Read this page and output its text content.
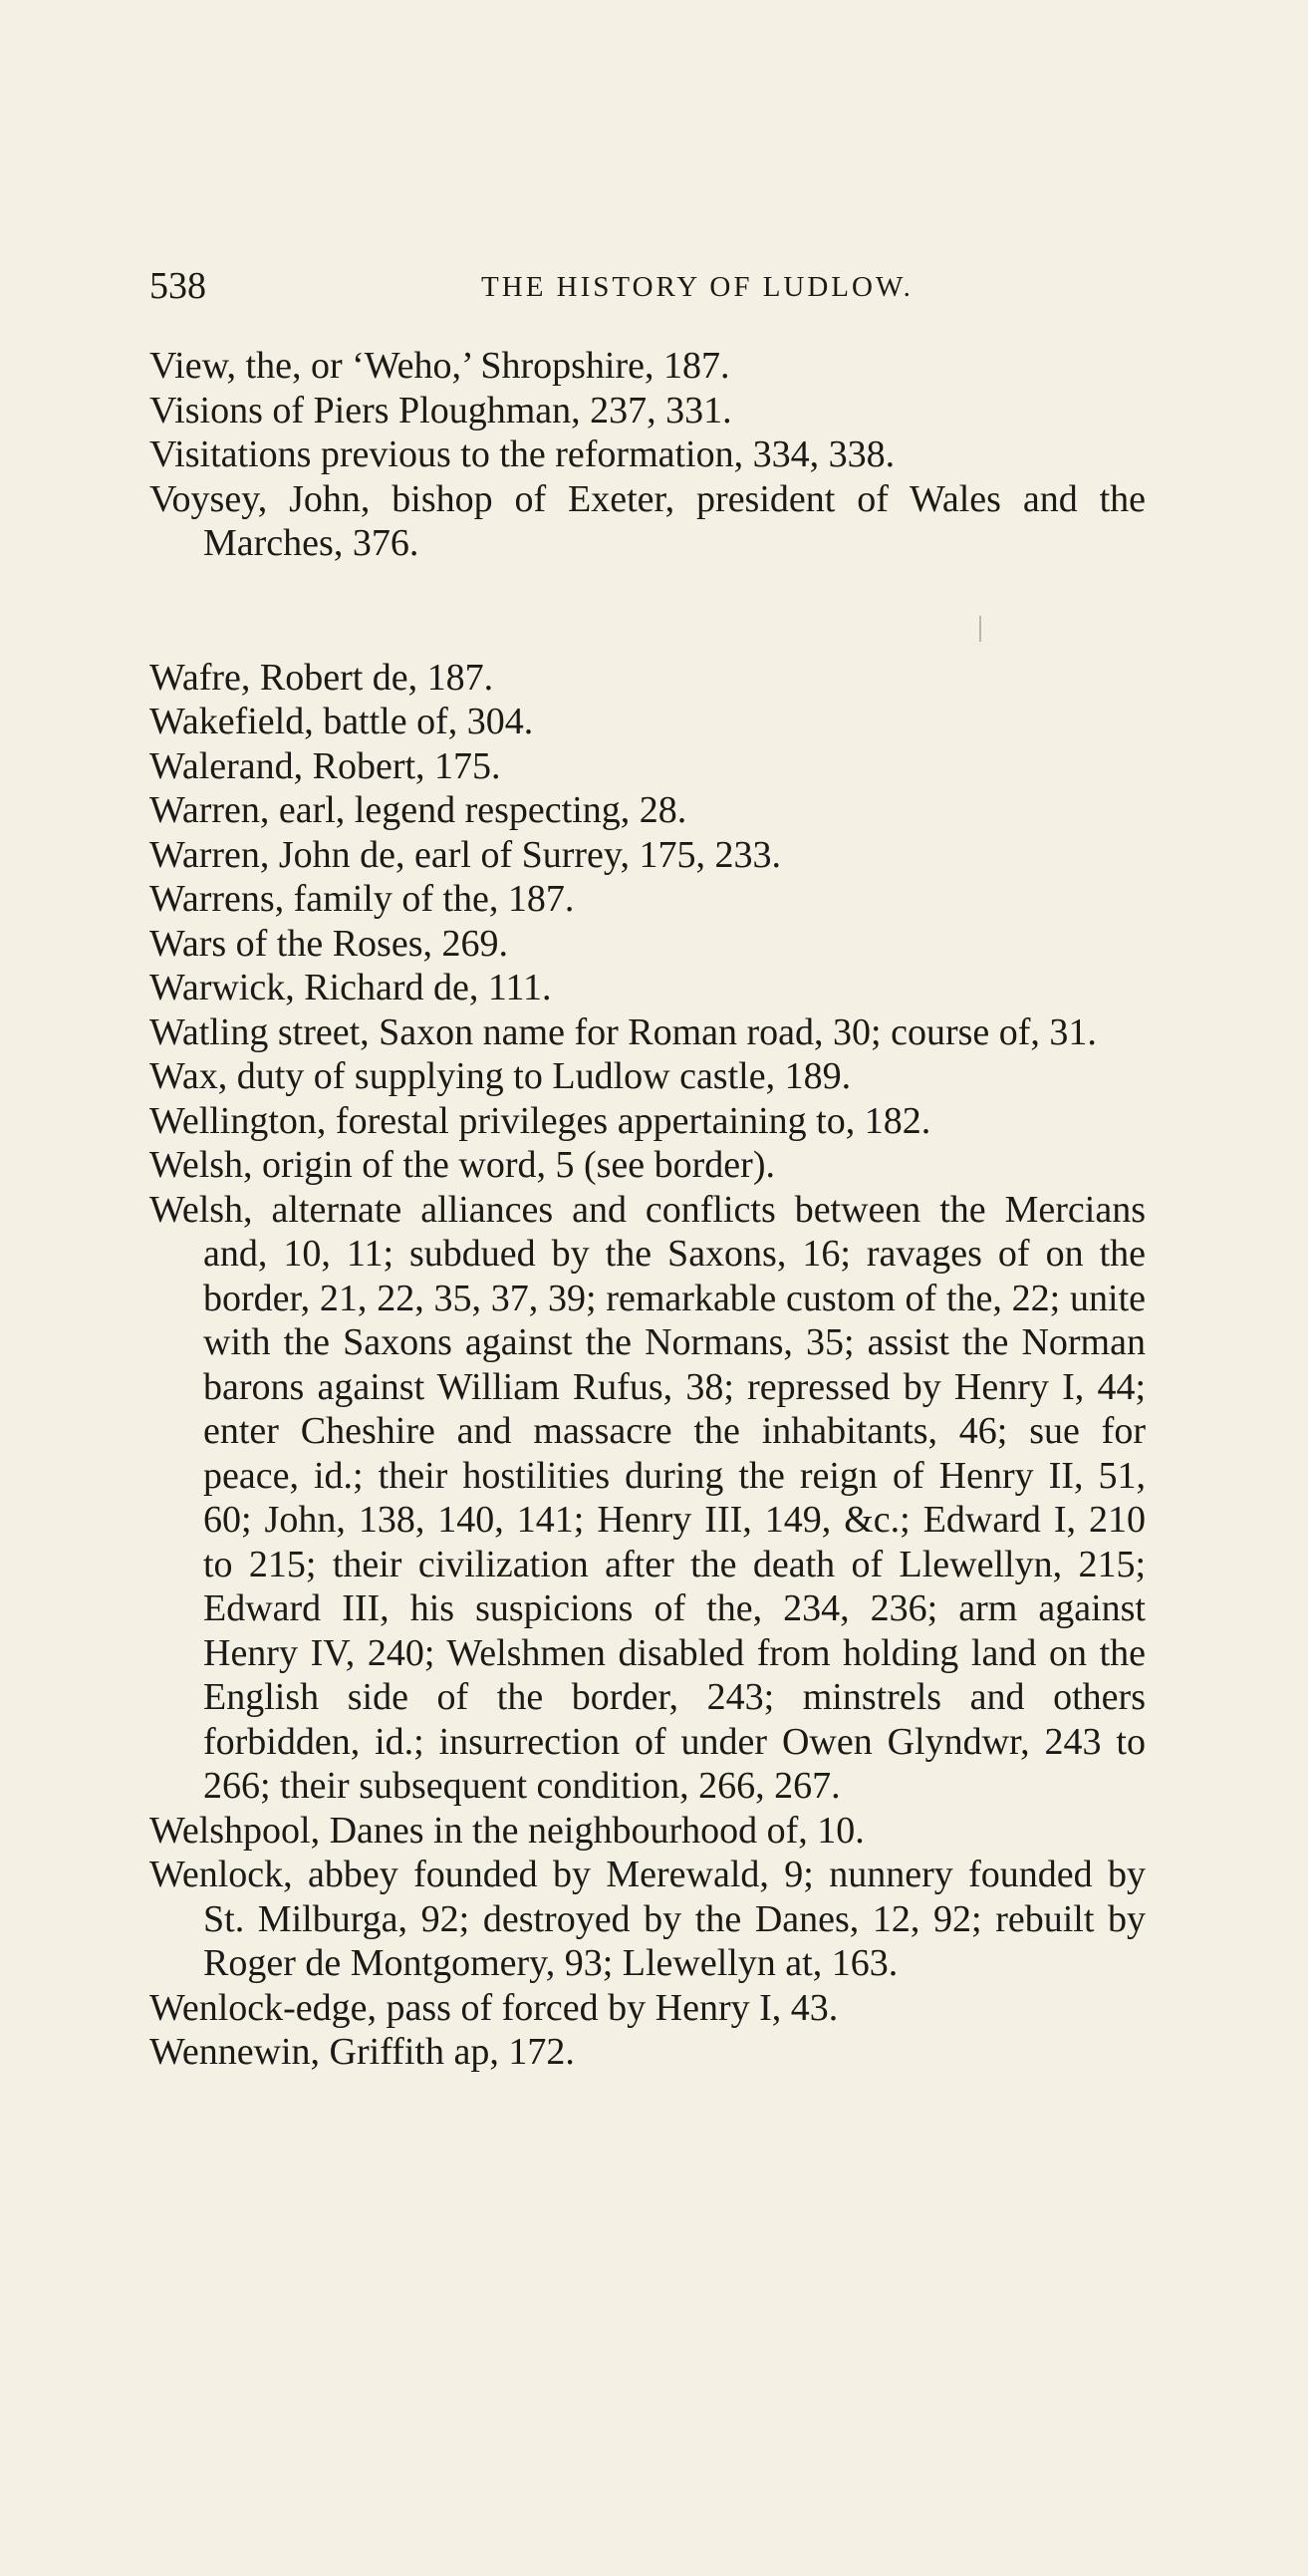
538	THE HISTORY OF LUDLOW.

View, the, or ‘Weho,’ Shropshire, 187.

Visions of Piers Ploughman, 237, 331.

Visitations previous to the reformation, 334, 338.

Voysey, John, bishop of Exeter, president of Wales and the Marches, 376.

Wafre, Robert de, 187.

Wakefield, battle of, 304.

Walerand, Robert, 175.

Warren, earl, legend respecting, 28.

Warren, John de, earl of Surrey, 175, 233.

Warrens, family of the, 187.

Wars of the Roses, 269.

Warwick, Richard de, 111.

Watling street, Saxon name for Roman road, 30; course of, 31.

Wax, duty of supplying to Ludlow castle, 189.

Wellington, forestal privileges appertaining to, 182.

Welsh, origin of the word, 5 (see border).

Welsh, alternate alliances and conflicts between the Mercians and, 10, 11; subdued by the Saxons, 16; ravages of on the border, 21, 22, 35, 37, 39; remarkable custom of the, 22; unite with the Saxons against the Normans, 35; assist the Norman barons against William Rufus, 38; repressed by Henry I, 44; enter Cheshire and massacre the inhabitants, 46; sue for peace, id.; their hostilities during the reign of Henry II, 51, 60; John, 138, 140, 141; Henry III, 149, &c.; Edward I, 210 to 215; their civilization after the death of Llewellyn, 215; Edward III, his suspicions of the, 234, 236; arm against Henry IV, 240; Welshmen disabled from holding land on the English side of the border, 243; minstrels and others forbidden, id.; insurrection of under Owen Glyndwr, 243 to 266; their subsequent condition, 266, 267.

Welshpool, Danes in the neighbourhood of, 10.

Wenlock, abbey founded by Merewald, 9; nunnery founded by St. Milburga, 92; destroyed by the Danes, 12, 92; rebuilt by Roger de Montgomery, 93; Llewellyn at, 163.

Wenlock-edge, pass of forced by Henry I, 43.

Wennewin, Griffith ap, 172.
